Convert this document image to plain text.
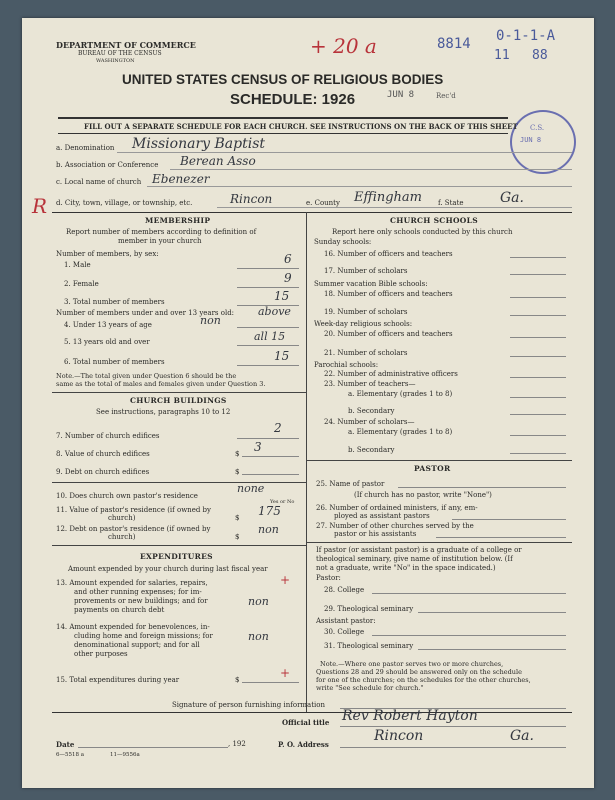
DEPARTMENT OF COMMERCE
BUREAU OF THE CENSUS
WASHINGTON
+ 20 a	8814 0-1-1-A
11 88
UNITED STATES CENSUS OF RELIGIOUS BODIES
SCHEDULE: 1926	JUN 8	Rec'd
C.S.
JUN 8
FILL OUT A SEPARATE SCHEDULE FOR EACH CHURCH. SEE INSTRUCTIONS ON THE BACK OF THIS SHEET
a. Denomination Missionary Baptist
b. Association or Conference Berean Asso
c. Local name of church Ebenezer
R d. City, town, village, or township, etc.	Rincon	e. County Effingham f. State	Ga.
MEMBERSHIP
Report number of members according to definition of
member in your church
Number of members, by sex:
1. Male	6
2. Female	9
3. Total number of members	15
Number of members under and over 13 years old: above
4. Under 13 years of age	non
5. 13 years old and over	all 15
6. Total number of members	15
Note.—The total given under Question 6 should be the
same as the total of males and females given under Question 3.
CHURCH BUILDINGS
See instructions, paragraphs 10 to 12
7. Number of church edifices
2
8. Value of church edifices	$ 3
9. Debt on church edifices	$
10. Does church own pastor's residence
none
Yes or No
11. Value of pastor's residence (if owned by
church)	$ 175
12. Debt on pastor's residence (if owned by
church)	$
non
EXPENDITURES
Amount expended by your church during last fiscal year
13. Amount expended for salaries, repairs,
and other running expenses; for im-
provements or new buildings; and for
payments on church debt
+
non
14. Amount expended for benevolences, in-
cluding home and foreign missions; for
denominational support; and for all
other purposes
non
15. Total expenditures during year	$	+
CHURCH SCHOOLS
Report here only schools conducted by this church
Sunday schools:
16. Number of officers and teachers
17. Number of scholars
Summer vacation Bible schools:
18. Number of officers and teachers
19. Number of scholars
Week-day religious schools:
20. Number of officers and teachers
21. Number of scholars
Parochial schools:
22. Number of administrative officers
23. Number of teachers—
a. Elementary (grades 1 to 8)
b. Secondary
24. Number of scholars—
a. Elementary (grades 1 to 8)
b. Secondary
PASTOR
25. Name of pastor
(If church has no pastor, write "None")
26. Number of ordained ministers, if any, em-
ployed as assistant pastors
27. Number of other churches served by the
pastor or his assistants
If pastor (or assistant pastor) is a graduate of a college or
theological seminary, give name of institution below. (If
not a graduate, write "No" in the space indicated.)
Pastor:
28. College
29. Theological seminary
Assistant pastor:
30. College
31. Theological seminary
Note.—Where one pastor serves two or more churches,
Questions 28 and 29 should be answered only on the schedule
for one of the churches; on the schedules for the other churches,
write "See schedule for church."
Signature of person furnishing information
Official title Rev Robert Hayton
Date	, 192	P. O. Address
Rincon	Ga.
6—5518 a	11—9556a
